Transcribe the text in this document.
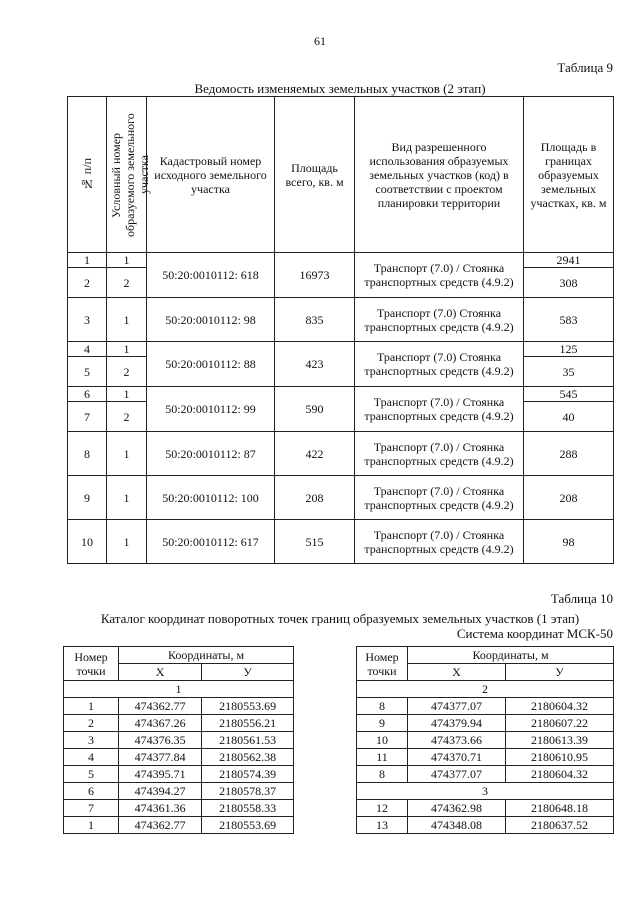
61
Таблица 9
Ведомость изменяемых земельных участков (2 этап)
№ п/п	Условный номер образуемого земельного участка	Кадастровый номер исходного земельного участка	Площадь всего, кв. м	Вид разрешенного использования образуемых земельных участков (код) в соответствии с проектом планировки территории	Площадь в границах образуемых земельных участках, кв. м
1	1	50:20:0010112: 618	16973	Транспорт (7.0) / Стоянка транспортных средств (4.9.2)	2941
2	2				308
3	1	50:20:0010112: 98	835	Транспорт (7.0) Стоянка транспортных средств (4.9.2)	583
4	1	50:20:0010112: 88	423	Транспорт (7.0) Стоянка транспортных средств (4.9.2)	125
5	2				35
6	1	50:20:0010112: 99	590	Транспорт (7.0) / Стоянка транспортных средств (4.9.2)	545
7	2				40
8	1	50:20:0010112: 87	422	Транспорт (7.0) / Стоянка транспортных средств (4.9.2)	288
9	1	50:20:0010112: 100	208	Транспорт (7.0) / Стоянка транспортных средств (4.9.2)	208
10	1	50:20:0010112: 617	515	Транспорт (7.0) / Стоянка транспортных средств (4.9.2)	98
Таблица 10
Каталог координат поворотных точек границ образуемых земельных участков (1 этап)
Система координат МСК-50
Номер точки	Координаты, м	
	X	У
1		
1	474362.77	2180553.69
2	474367.26	2180556.21
3	474376.35	2180561.53
4	474377.84	2180562.38
5	474395.71	2180574.39
6	474394.27	2180578.37
7	474361.36	2180558.33
1	474362.77	2180553.69
Номер точки	Координаты, м	
	X	У
2		
8	474377.07	2180604.32
9	474379.94	2180607.22
10	474373.66	2180613.39
11	474370.71	2180610.95
8	474377.07	2180604.32
3		
12	474362.98	2180648.18
13	474348.08	2180637.52
